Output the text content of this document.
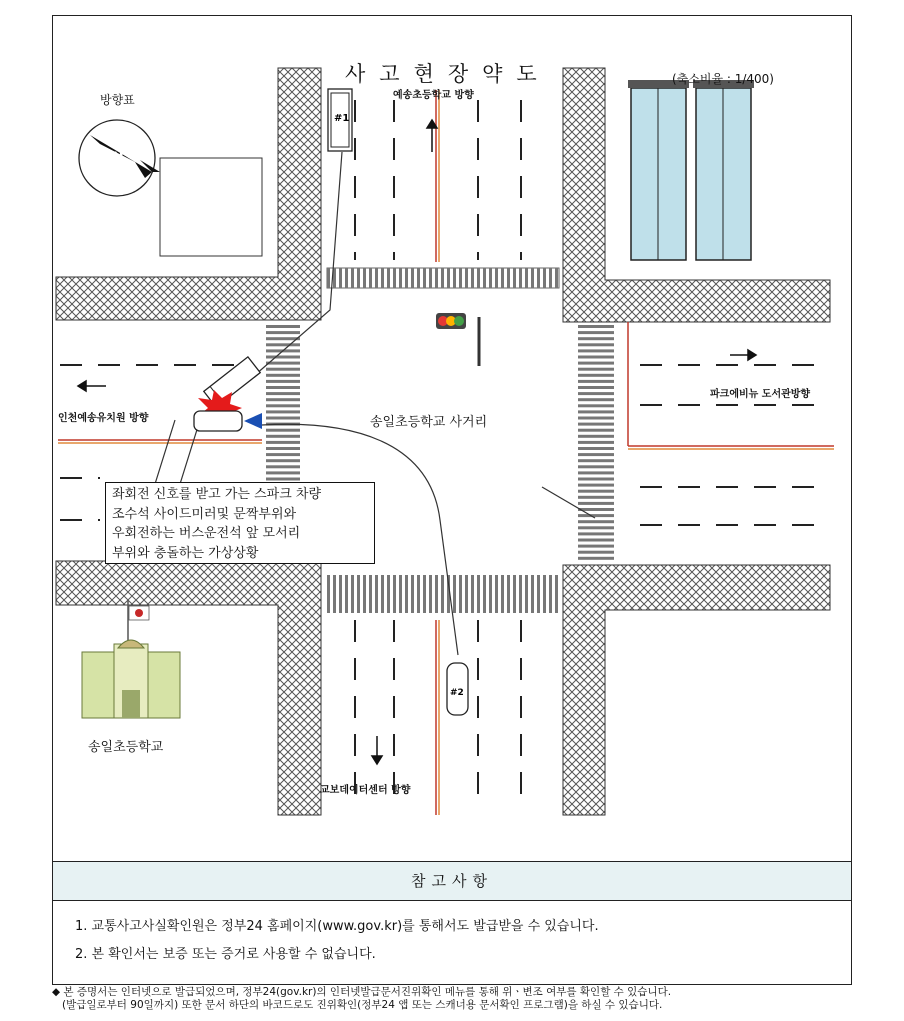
N
#1
#2
사고현장약도	(축소비율 : 1/400)
방향표	예송초등학교 방향
파크에비뉴 도서관방향
인천예송유치원 방향
교보데이터센터 방향
송일초등학교 사거리
송일초등학교
좌회전 신호를 받고 가는 스파크 차량
조수석 사이드미러및 문짝부위와
우회전하는 버스운전석 앞 모서리
부위와 충돌하는 가상상황
참고사항
1. 교통사고사실확인원은 정부24 홈페이지(www.gov.kr)를 통해서도 발급받을 수 있습니다.
2. 본 확인서는 보증 또는 증거로 사용할 수 없습니다.
◆ 본 증명서는 인터넷으로 발급되었으며, 정부24(gov.kr)의 인터넷발급문서진위확인 메뉴를 통해 위ㆍ변조 여부를 확인할 수 있습니다.
(발급일로부터 90일까지) 또한 문서 하단의 바코드로도 진위확인(정부24 앱 또는 스캐너용 문서확인 프로그램)을 하실 수 있습니다.
